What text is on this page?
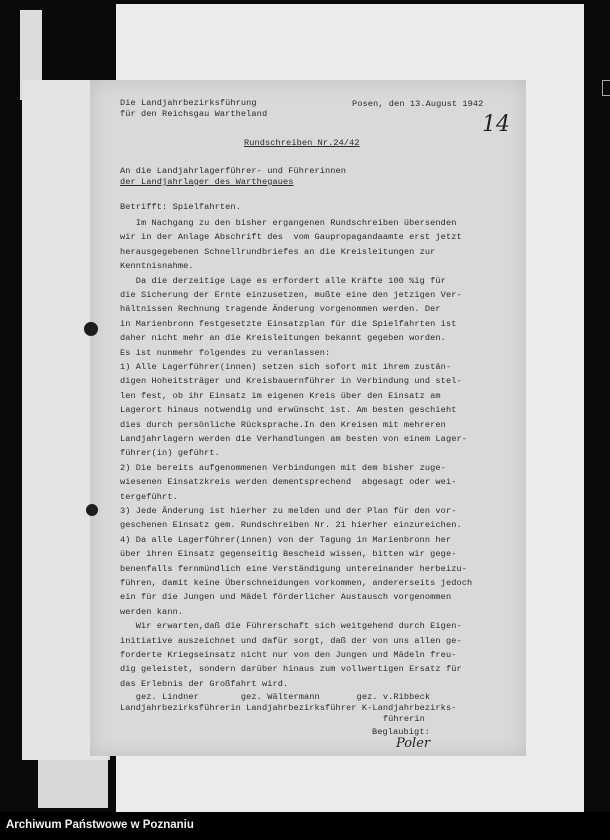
Die Landjahrbezirksführung
für den Reichsgau Wartheland
Posen, den 13.August 1942
14
Rundschreiben Nr.24/42
An die Landjahrlagerführer- und Führerinnen
der Landjahrlager des Warthegaues
Betrifft: Spielfahrten.
Im Nachgang zu den bisher ergangenen Rundschreiben übersenden
wir in der Anlage Abschrift des  vom Gaupropagandaamte erst jetzt
herausgegebenen Schnellrundbriefes an die Kreisleitungen zur
Kenntnisnahme.
Da die derzeitige Lage es erfordert alle Kräfte 100 %ig für
die Sicherung der Ernte einzusetzen, mußte eine den jetzigen Ver-
hältnissen Rechnung tragende Änderung vorgenommen werden. Der
in Marienbronn festgesetzte Einsatzplan für die Spielfahrten ist
daher nicht mehr an die Kreisleitungen bekannt gegeben worden.
Es ist nunmehr folgendes zu veranlassen:
1) Alle Lagerführer(innen) setzen sich sofort mit ihrem zustän-
digen Hoheitsträger und Kreisbauernführer in Verbindung und stel-
len fest, ob ihr Einsatz im eigenen Kreis über den Einsatz am
Lagerort hinaus notwendig und erwünscht ist. Am besten geschieht
dies durch persönliche Rücksprache.In den Kreisen mit mehreren
Landjahrlagern werden die Verhandlungen am besten von einem Lager-
führer(in) geführt.
2) Die bereits aufgenommenen Verbindungen mit dem bisher zuge-
wiesenen Einsatzkreis werden dementsprechend  abgesagt oder wei-
tergeführt.
3) Jede Änderung ist hierher zu melden und der Plan für den vor-
geschenen Einsatz gem. Rundschreiben Nr. 21 hierher einzureichen.
4) Da alle Lagerführer(innen) von der Tagung in Marienbronn her
über ihren Einsatz gegenseitig Bescheid wissen, bitten wir gege-
benenfalls fernmündlich eine Verständigung untereinander herbeizu-
führen, damit keine Überschneidungen vorkommen, andererseits jedoch
ein für die Jungen und Mädel förderlicher Austausch vorgenommen
werden kann.
Wir erwarten,daß die Führerschaft sich weitgehend durch Eigen-
initiative auszeichnet und dafür sorgt, daß der von uns allen ge-
forderte Kriegseinsatz nicht nur von den Jungen und Mädeln freu-
dig geleistet, sondern darüber hinaus zum vollwertigen Ersatz für
das Erlebnis der Großfahrt wird.
gez. Lindner        gez. Wältermann       gez. v.Ribbeck
Landjahrbezirksführerin Landjahrbezirksführer K-Landjahrbezirks-
führerin
Beglaubigt:
Poler
Archiwum Państwowe w Poznaniu
